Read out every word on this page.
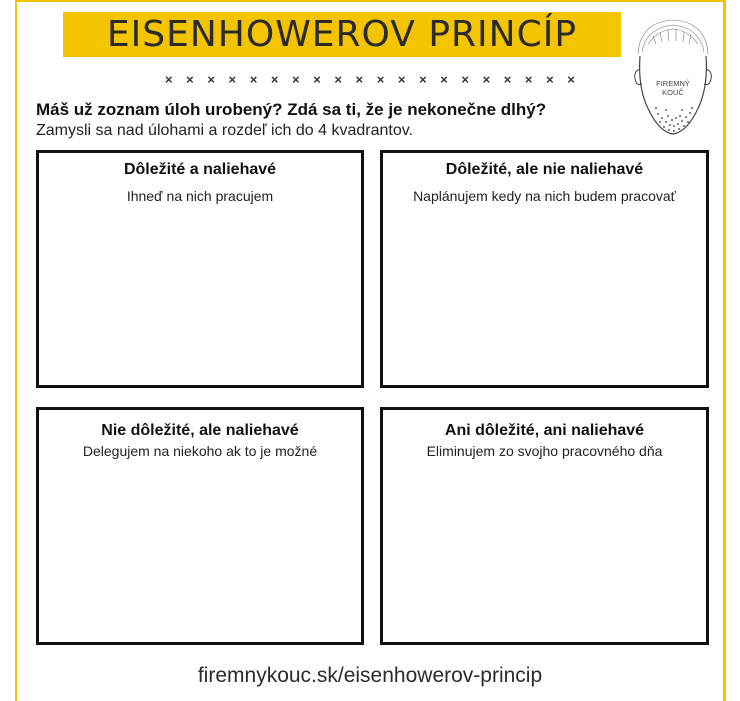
EISENHOWEROV PRINCÍP
FIREMNÝ
KOUČ
× × × × × × × × × × × × × × × × × × × ×
Máš už zoznam úloh urobený? Zdá sa ti, že je nekonečne dlhý?
Zamysli sa nad úlohami a rozdeľ ich do 4 kvadrantov.
Dôležité a naliehavé
Ihneď na nich pracujem
Dôležité, ale nie naliehavé
Naplánujem kedy na nich budem pracovať
Nie dôležité, ale naliehavé
Delegujem na niekoho ak to je možné
Ani dôležité, ani naliehavé
Eliminujem zo svojho pracovného dňa
firemnykouc.sk/eisenhowerov-princip
